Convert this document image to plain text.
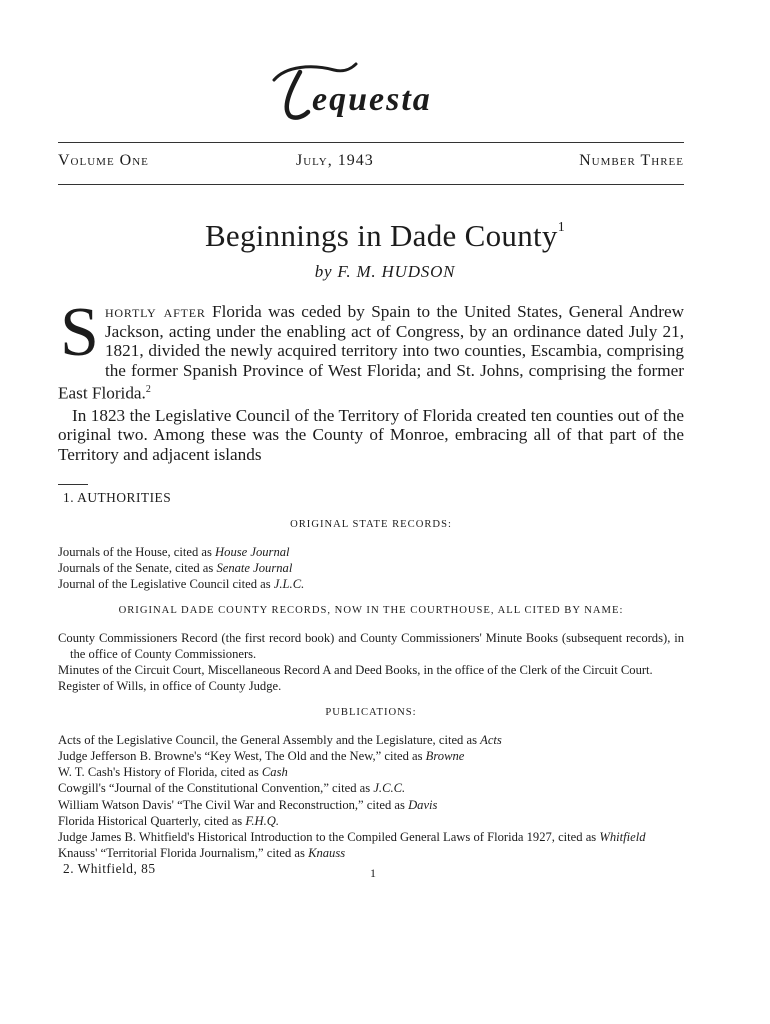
equesta
Volume One	July, 1943	Number Three
Beginnings in Dade County$^1$
by F. M. HUDSON

Shortly after Florida was ceded by Spain to the United States, General Andrew Jackson, acting under the enabling act of Congress, by an ordinance dated July 21, 1821, divided the newly acquired territory into two counties, Escambia, comprising the former Spanish Province of West Florida; and St. Johns, comprising the former East Florida.$^2$

In 1823 the Legislative Council of the Territory of Florida created ten counties out of the original two. Among these was the County of Monroe, embracing all of that part of the Territory and adjacent islands

1. AUTHORITIES

ORIGINAL STATE RECORDS:

Journals of the House, cited as House Journal

Journals of the Senate, cited as Senate Journal

Journal of the Legislative Council cited as J.L.C.

ORIGINAL DADE COUNTY RECORDS, NOW IN THE COURTHOUSE, ALL CITED BY NAME:

County Commissioners Record (the first record book) and County Commissioners' Minute Books (subsequent records), in the office of County Commissioners.

Minutes of the Circuit Court, Miscellaneous Record A and Deed Books, in the office of the Clerk of the Circuit Court.

Register of Wills, in office of County Judge.

PUBLICATIONS:

Acts of the Legislative Council, the General Assembly and the Legislature, cited as Acts

Judge Jefferson B. Browne's “Key West, The Old and the New,” cited as Browne

W. T. Cash's History of Florida, cited as Cash

Cowgill's “Journal of the Constitutional Convention,” cited as J.C.C.

William Watson Davis' “The Civil War and Reconstruction,” cited as Davis

Florida Historical Quarterly, cited as F.H.Q.

Judge James B. Whitfield's Historical Introduction to the Compiled General Laws of Florida 1927, cited as Whitfield

Knauss' “Territorial Florida Journalism,” cited as Knauss

2. Whitfield, 85	1
